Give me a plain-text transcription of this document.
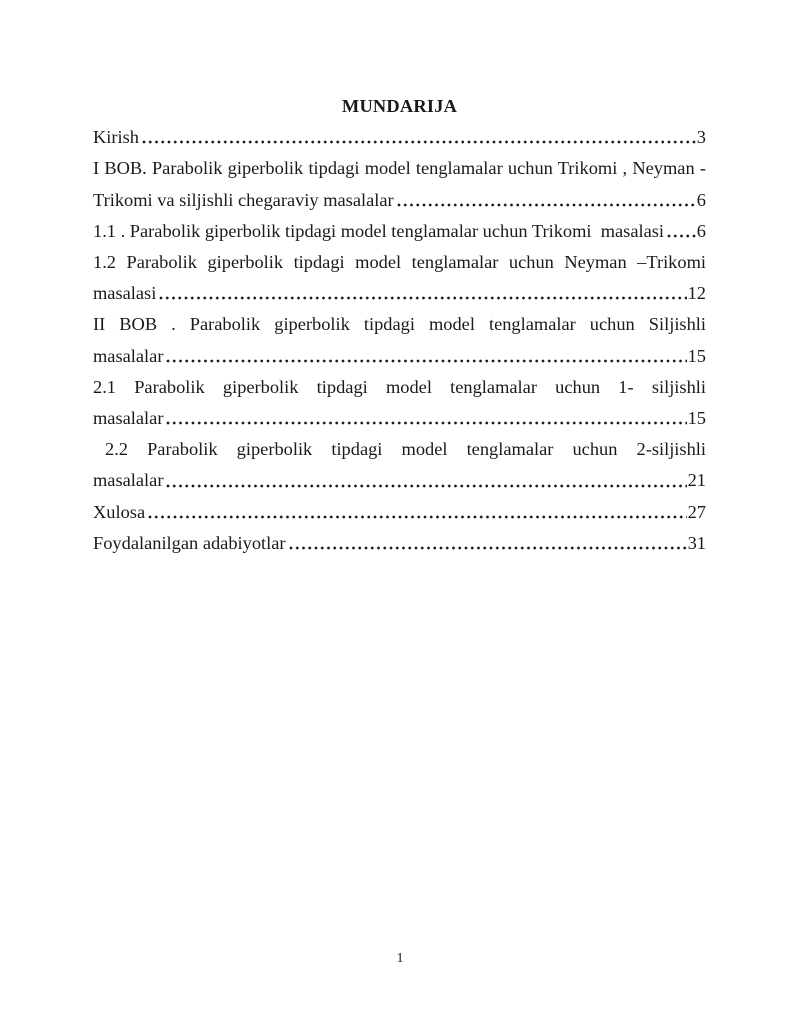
MUNDARIJA
Kirish	3
I BOB. Parabolik giperbolik tipdagi model tenglamalar uchun Trikomi , Neyman -
Trikomi va siljishli chegaraviy masalalar	6
1.1 . Parabolik giperbolik tipdagi model tenglamalar uchun Trikomi  masalasi 6
1.2 Parabolik giperbolik tipdagi model tenglamalar uchun Neyman –Trikomi
masalasi	12
II BOB . Parabolik giperbolik tipdagi model tenglamalar uchun Siljishli
masalalar	15
2.1 Parabolik giperbolik tipdagi model tenglamalar uchun 1- siljishli
masalalar	15
2.2 Parabolik giperbolik tipdagi model tenglamalar uchun 2-siljishli
masalalar	21
Xulosa	27
Foydalanilgan adabiyotlar	31
1
